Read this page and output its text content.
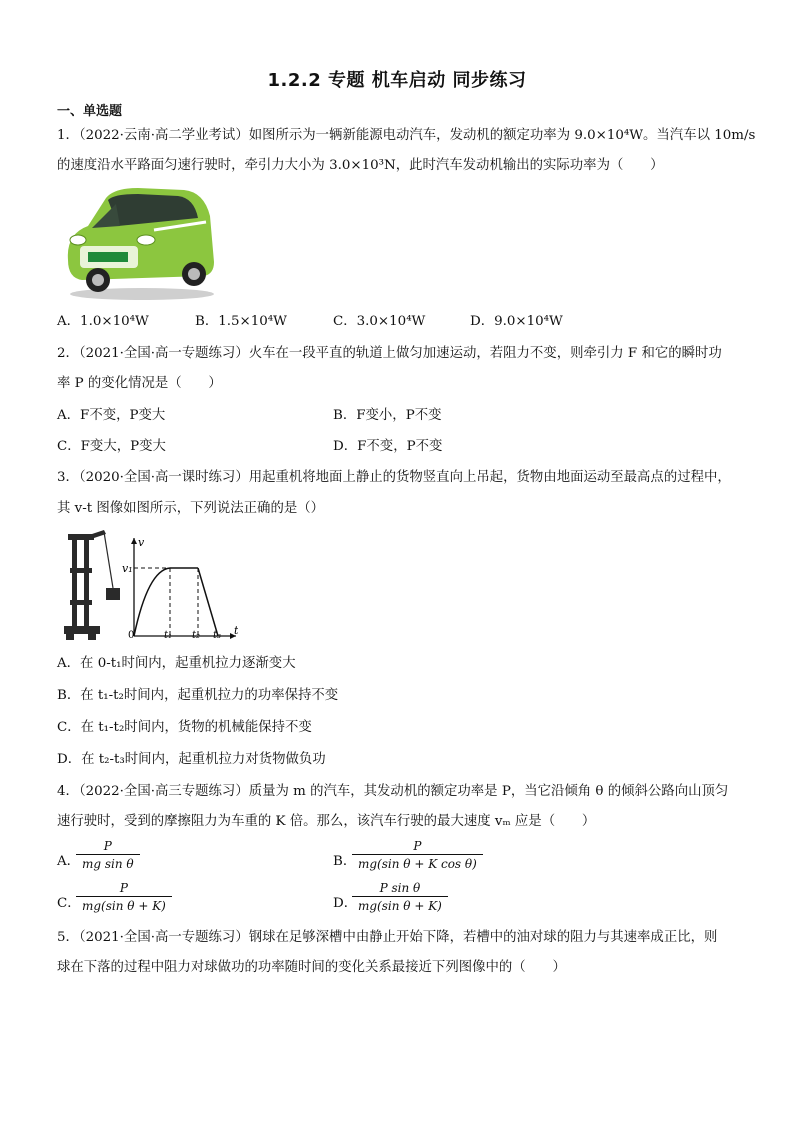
1.2.2 专题 机车启动 同步练习
一、单选题
1．（2022·云南·高二学业考试）如图所示为一辆新能源电动汽车，发动机的额定功率为 9.0×10⁴W。当汽车以 10m/s
的速度沿水平路面匀速行驶时，牵引力大小为 3.0×10³N，此时汽车发动机输出的实际功率为（　　）
A．1.0×10⁴W	B．1.5×10⁴W	C．3.0×10⁴W	D．9.0×10⁴W
2．（2021·全国·高一专题练习）火车在一段平直的轨道上做匀加速运动，若阻力不变，则牵引力 F 和它的瞬时功
率 P 的变化情况是（　　）
A．F不变，P变大	B．F变小，P不变
C．F变大，P变大	D．F不变，P不变
3．（2020·全国·高一课时练习）用起重机将地面上静止的货物竖直向上吊起，货物由地面运动至最高点的过程中，
其 v-t 图像如图所示，下列说法正确的是（）
v
v₁
t
0	t₁ t₂ t₃
A．在 0-t₁时间内，起重机拉力逐渐变大
B．在 t₁-t₂时间内，起重机拉力的功率保持不变
C．在 t₁-t₂时间内，货物的机械能保持不变
D．在 t₂-t₃时间内，起重机拉力对货物做负功
4．（2022·全国·高三专题练习）质量为 m 的汽车，其发动机的额定功率是 P，当它沿倾角 θ 的倾斜公路向山顶匀
速行驶时，受到的摩擦阻力为车重的 K 倍。那么，该汽车行驶的最大速度 vₘ 应是（　　）
A．
$\frac{P}{\text{mg sin θ}}$	B．
$\frac{P}{\text{mg(sin θ + K cos θ)}}$
C．
$\frac{P}{\text{mg(sin θ + K)}}$	D．
$\frac{\text{P sin θ}}{\text{mg(sin θ + K)}}$
5．（2021·全国·高一专题练习）钢球在足够深槽中由静止开始下降，若槽中的油对球的阻力与其速率成正比，则
球在下落的过程中阻力对球做功的功率随时间的变化关系最接近下列图像中的（　　）
